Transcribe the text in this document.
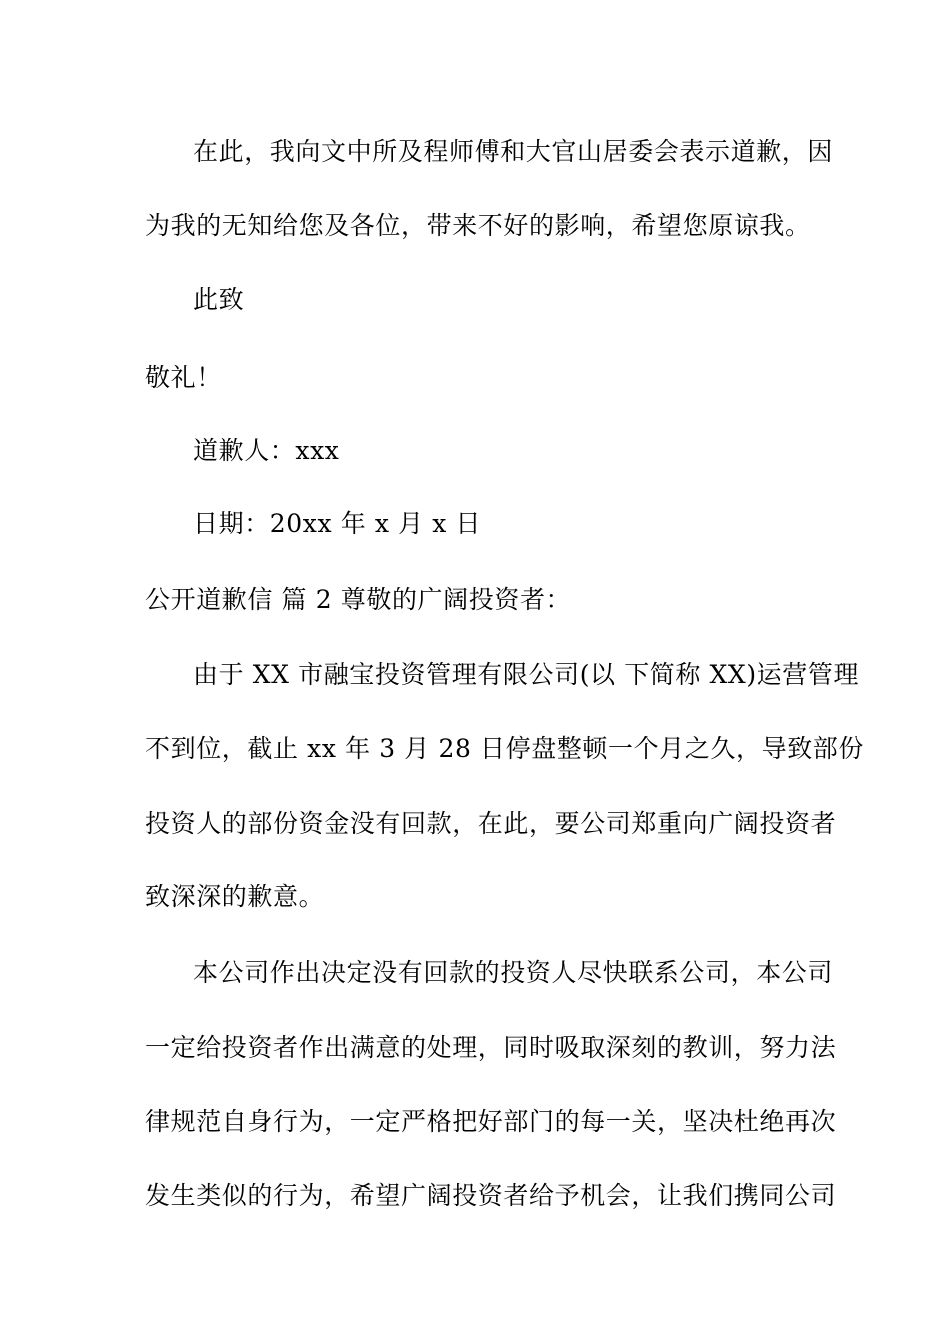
在此，我向文中所及程师傅和大官山居委会表示道歉，因
为我的无知给您及各位，带来不好的影响，希望您原谅我。
此致
敬礼！
道歉人：xxx
日期：20xx 年 x 月 x 日
公开道歉信 篇 2 尊敬的广阔投资者：
由于 XX 市融宝投资管理有限公司(以 下简称 XX)运营管理
不到位，截止 xx 年 3 月 28 日停盘整顿一个月之久，导致部份
投资人的部份资金没有回款，在此，要公司郑重向广阔投资者
致深深的歉意。
本公司作出决定没有回款的投资人尽快联系公司，本公司
一定给投资者作出满意的处理，同时吸取深刻的教训，努力法
律规范自身行为，一定严格把好部门的每一关，坚决杜绝再次
发生类似的行为，希望广阔投资者给予机会，让我们携同公司
